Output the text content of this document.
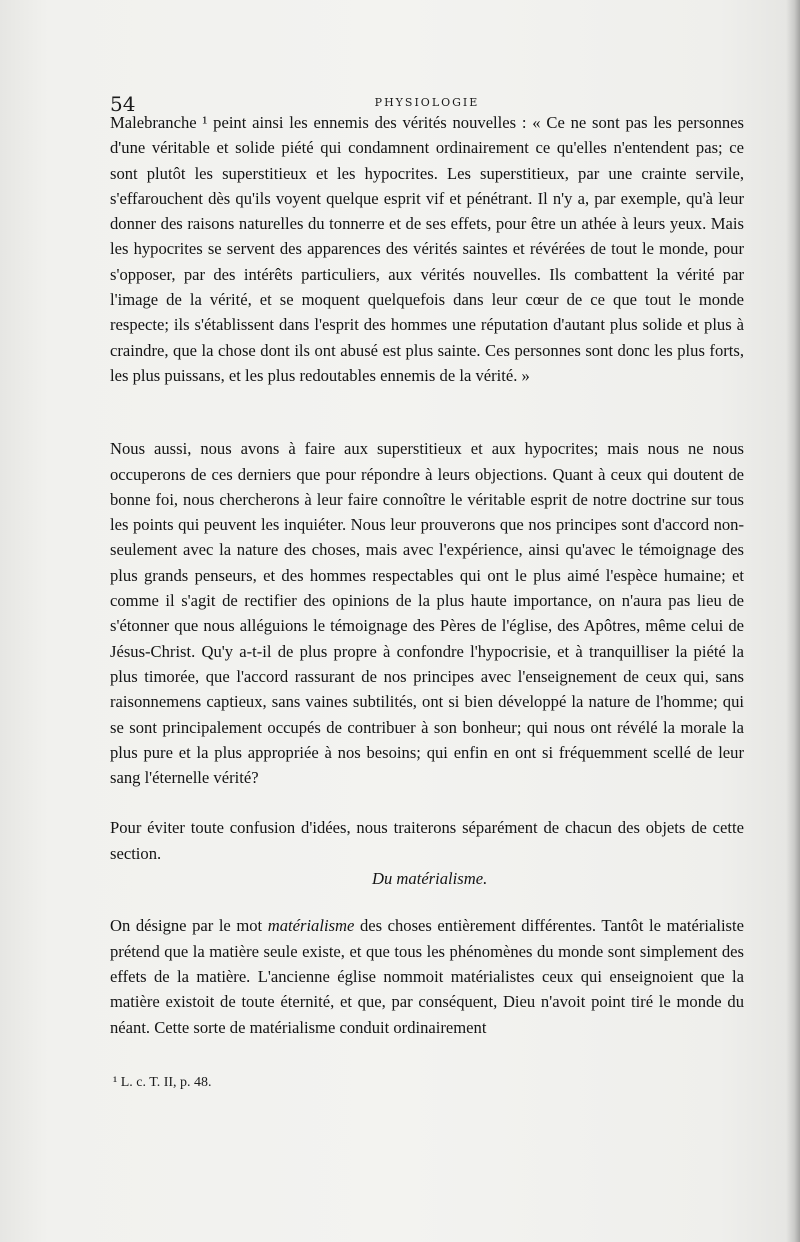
54	PHYSIOLOGIE

Malebranche ¹ peint ainsi les ennemis des vérités nouvelles : « Ce ne sont pas les personnes d'une véritable et solide piété qui condamnent ordinairement ce qu'elles n'entendent pas; ce sont plutôt les superstitieux et les hypocrites. Les superstitieux, par une crainte servile, s'effarouchent dès qu'ils voyent quelque esprit vif et pénétrant. Il n'y a, par exemple, qu'à leur donner des raisons naturelles du tonnerre et de ses effets, pour être un athée à leurs yeux. Mais les hypocrites se servent des apparences des vérités saintes et révérées de tout le monde, pour s'opposer, par des intérêts particuliers, aux vérités nouvelles. Ils combattent la vérité par l'image de la vérité, et se moquent quelquefois dans leur cœur de ce que tout le monde respecte; ils s'établissent dans l'esprit des hommes une réputation d'autant plus solide et plus à craindre, que la chose dont ils ont abusé est plus sainte. Ces personnes sont donc les plus forts, les plus puissans, et les plus redoutables ennemis de la vérité. »

Nous aussi, nous avons à faire aux superstitieux et aux hypocrites; mais nous ne nous occuperons de ces derniers que pour répondre à leurs objections. Quant à ceux qui doutent de bonne foi, nous chercherons à leur faire connoître le véritable esprit de notre doctrine sur tous les points qui peuvent les inquiéter. Nous leur prouverons que nos principes sont d'accord non-seulement avec la nature des choses, mais avec l'expérience, ainsi qu'avec le témoignage des plus grands penseurs, et des hommes respectables qui ont le plus aimé l'espèce humaine; et comme il s'agit de rectifier des opinions de la plus haute importance, on n'aura pas lieu de s'étonner que nous alléguions le témoignage des Pères de l'église, des Apôtres, même celui de Jésus-Christ. Qu'y a-t-il de plus propre à confondre l'hypocrisie, et à tranquilliser la piété la plus timorée, que l'accord rassurant de nos principes avec l'enseignement de ceux qui, sans raisonnemens captieux, sans vaines subtilités, ont si bien développé la nature de l'homme; qui se sont principalement occupés de contribuer à son bonheur; qui nous ont révélé la morale la plus pure et la plus appropriée à nos besoins; qui enfin en ont si fréquemment scellé de leur sang l'éternelle vérité?

Pour éviter toute confusion d'idées, nous traiterons séparément de chacun des objets de cette section.

Du matérialisme.

On désigne par le mot matérialisme des choses entièrement différentes. Tantôt le matérialiste prétend que la matière seule existe, et que tous les phénomènes du monde sont simplement des effets de la matière. L'ancienne église nommoit matérialistes ceux qui enseignoient que la matière existoit de toute éternité, et que, par conséquent, Dieu n'avoit point tiré le monde du néant. Cette sorte de matérialisme conduit ordinairement

¹ L. c. T. II, p. 48.
